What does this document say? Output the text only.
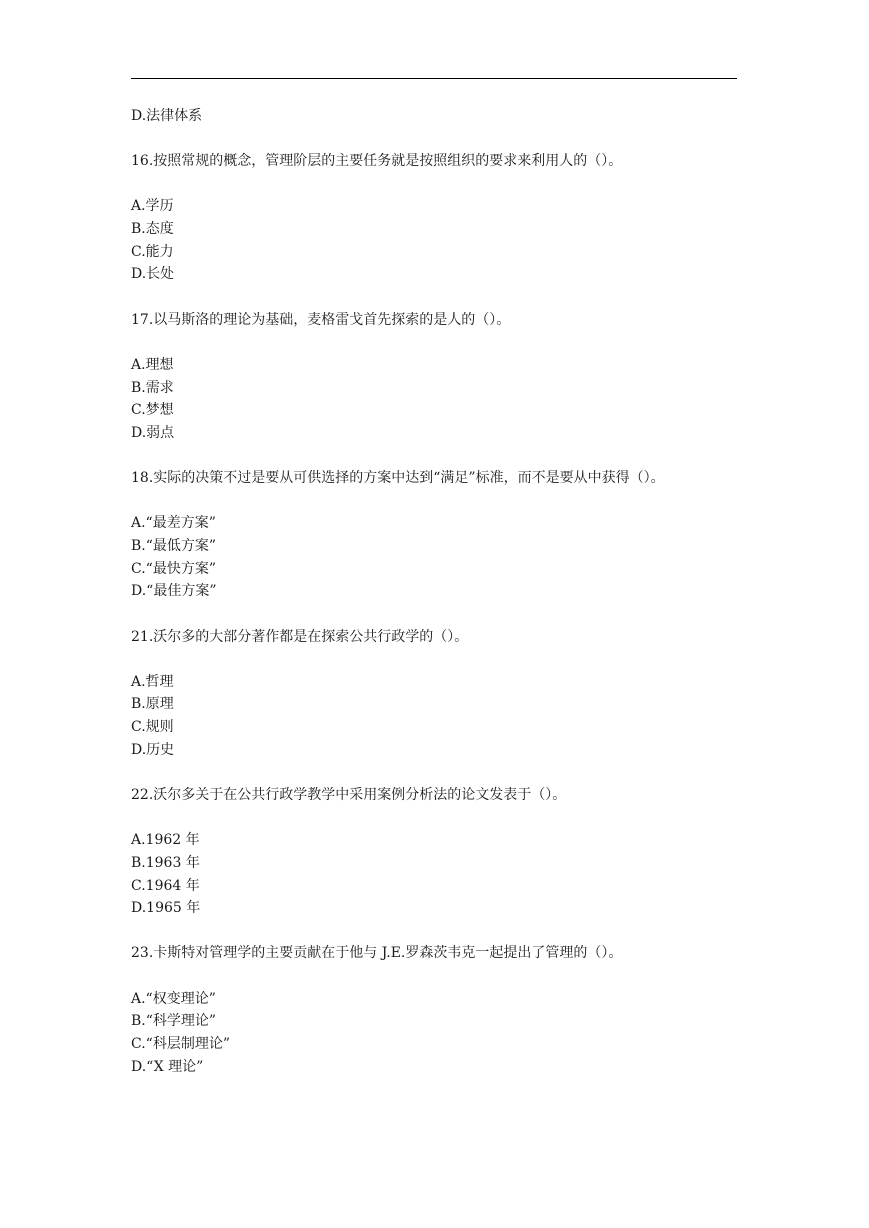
D.法律体系
16.按照常规的概念，管理阶层的主要任务就是按照组织的要求来利用人的（）。
A.学历
B.态度
C.能力
D.长处
17.以马斯洛的理论为基础，麦格雷戈首先探索的是人的（）。
A.理想
B.需求
C.梦想
D.弱点
18.实际的决策不过是要从可供选择的方案中达到“满足”标准，而不是要从中获得（）。
A.“最差方案”
B.“最低方案”
C.“最快方案”
D.“最佳方案”
21.沃尔多的大部分著作都是在探索公共行政学的（）。
A.哲理
B.原理
C.规则
D.历史
22.沃尔多关于在公共行政学教学中采用案例分析法的论文发表于（）。
A.1962 年
B.1963 年
C.1964 年
D.1965 年
23.卡斯特对管理学的主要贡献在于他与 J.E.罗森茨韦克一起提出了管理的（）。
A.“权变理论”
B.“科学理论”
C.“科层制理论”
D.“X 理论”
